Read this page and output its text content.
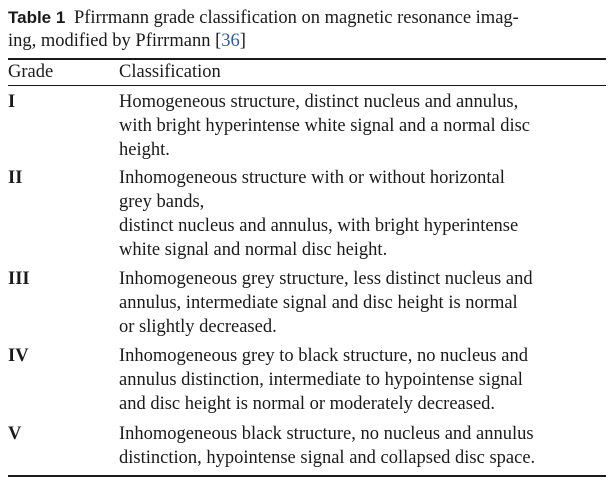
Table 1 Pfirrmann grade classification on magnetic resonance imag-
ing, modified by Pfirrmann [36]
Grade	Classification
I	Homogeneous structure, distinct nucleus and annulus,
with bright hyperintense white signal and a normal disc
height.
II	Inhomogeneous structure with or without horizontal
grey bands,
distinct nucleus and annulus, with bright hyperintense
white signal and normal disc height.
III	Inhomogeneous grey structure, less distinct nucleus and
annulus, intermediate signal and disc height is normal
or slightly decreased.
IV	Inhomogeneous grey to black structure, no nucleus and
annulus distinction, intermediate to hypointense signal
and disc height is normal or moderately decreased.
V	Inhomogeneous black structure, no nucleus and annulus
distinction, hypointense signal and collapsed disc space.
